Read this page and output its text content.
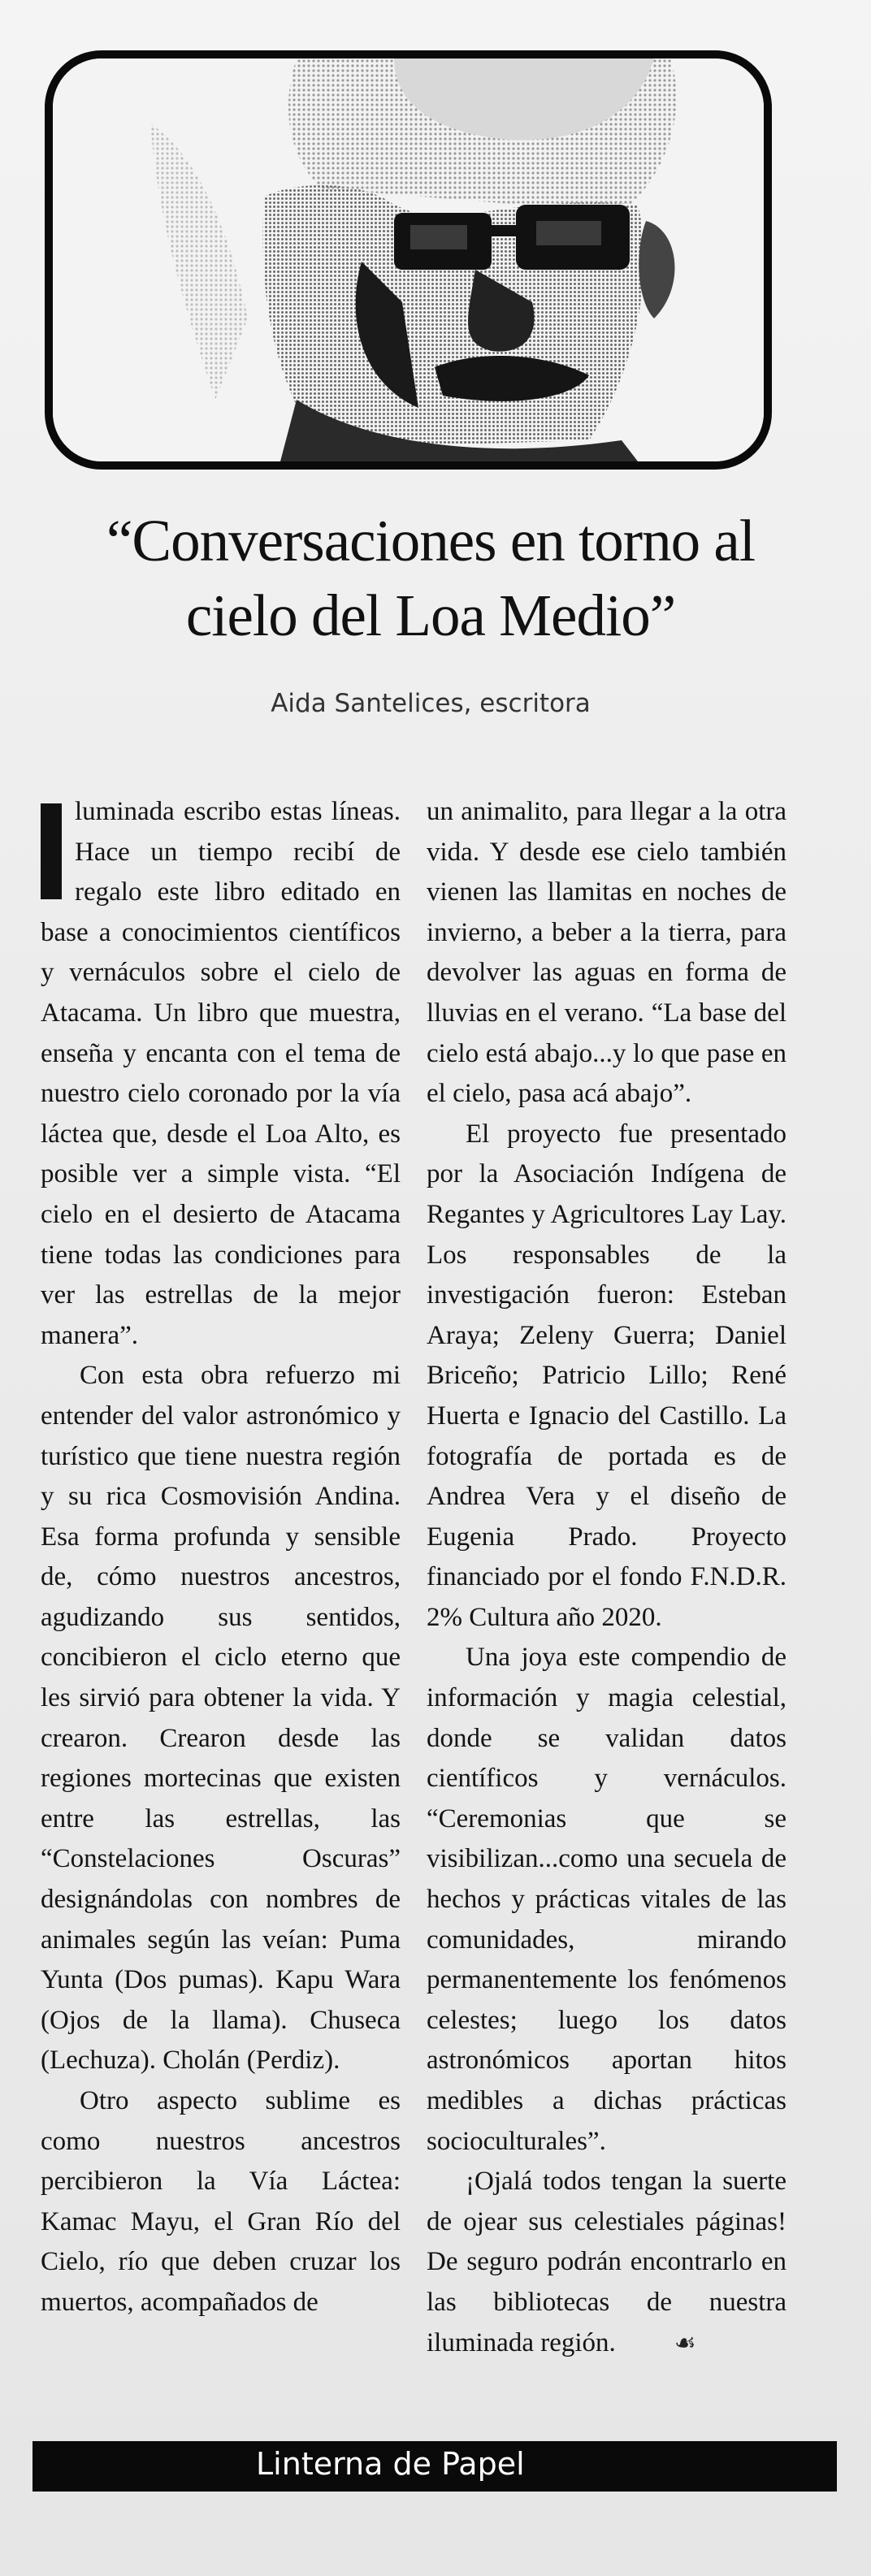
“Conversaciones en torno al cielo del Loa Medio”
Aida Santelices, escritora

luminada escribo estas líneas. Hace un tiempo recibí de regalo este libro editado en base a conocimientos científicos y vernáculos sobre el cielo de Atacama. Un libro que muestra, enseña y encanta con el tema de nuestro cielo coronado por la vía láctea que, desde el Loa Alto, es posible ver a simple vista. “El cielo en el desierto de Atacama tiene todas las condiciones para ver las estrellas de la mejor manera”.

Con esta obra refuerzo mi entender del valor astronómico y turístico que tiene nuestra región y su rica Cosmovisión Andina. Esa forma profunda y sensible de, cómo nuestros ancestros, agudizando sus sentidos, concibieron el ciclo eterno que les sirvió para obtener la vida. Y crearon. Crearon desde las regiones mortecinas que existen entre las estrellas, las “Constelaciones Oscuras” designándolas con nombres de animales según las veían: Puma Yunta (Dos pumas). Kapu Wara (Ojos de la llama). Chuseca (Lechuza). Cholán (Perdiz).

Otro aspecto sublime es como nuestros ancestros percibieron la Vía Láctea: Kamac Mayu, el Gran Río del Cielo, río que deben cruzar los muertos, acompañados de

un animalito, para llegar a la otra vida. Y desde ese cielo también vienen las llamitas en noches de invierno, a beber a la tierra, para devolver las aguas en forma de lluvias en el verano. “La base del cielo está abajo...y lo que pase en el cielo, pasa acá abajo”.

El proyecto fue presentado por la Asociación Indígena de Regantes y Agricultores Lay Lay. Los responsables de la investigación fueron: Esteban Araya; Zeleny Guerra; Daniel Briceño; Patricio Lillo; René Huerta e Ignacio del Castillo. La fotografía de portada es de Andrea Vera y el diseño de Eugenia Prado. Proyecto financiado por el fondo F.N.D.R. 2% Cultura año 2020.

Una joya este compendio de información y magia celestial, donde se validan datos científicos y vernáculos. “Ceremonias que se visibilizan...como una secuela de hechos y prácticas vitales de las comunidades, mirando permanentemente los fenómenos celestes; luego los datos astronómicos aportan hitos medibles a dichas prácticas socioculturales”.

¡Ojalá todos tengan la suerte de ojear sus celestiales páginas! De seguro podrán encontrarlo en las bibliotecas de nuestra iluminada región. ☙

Linterna de Papel
